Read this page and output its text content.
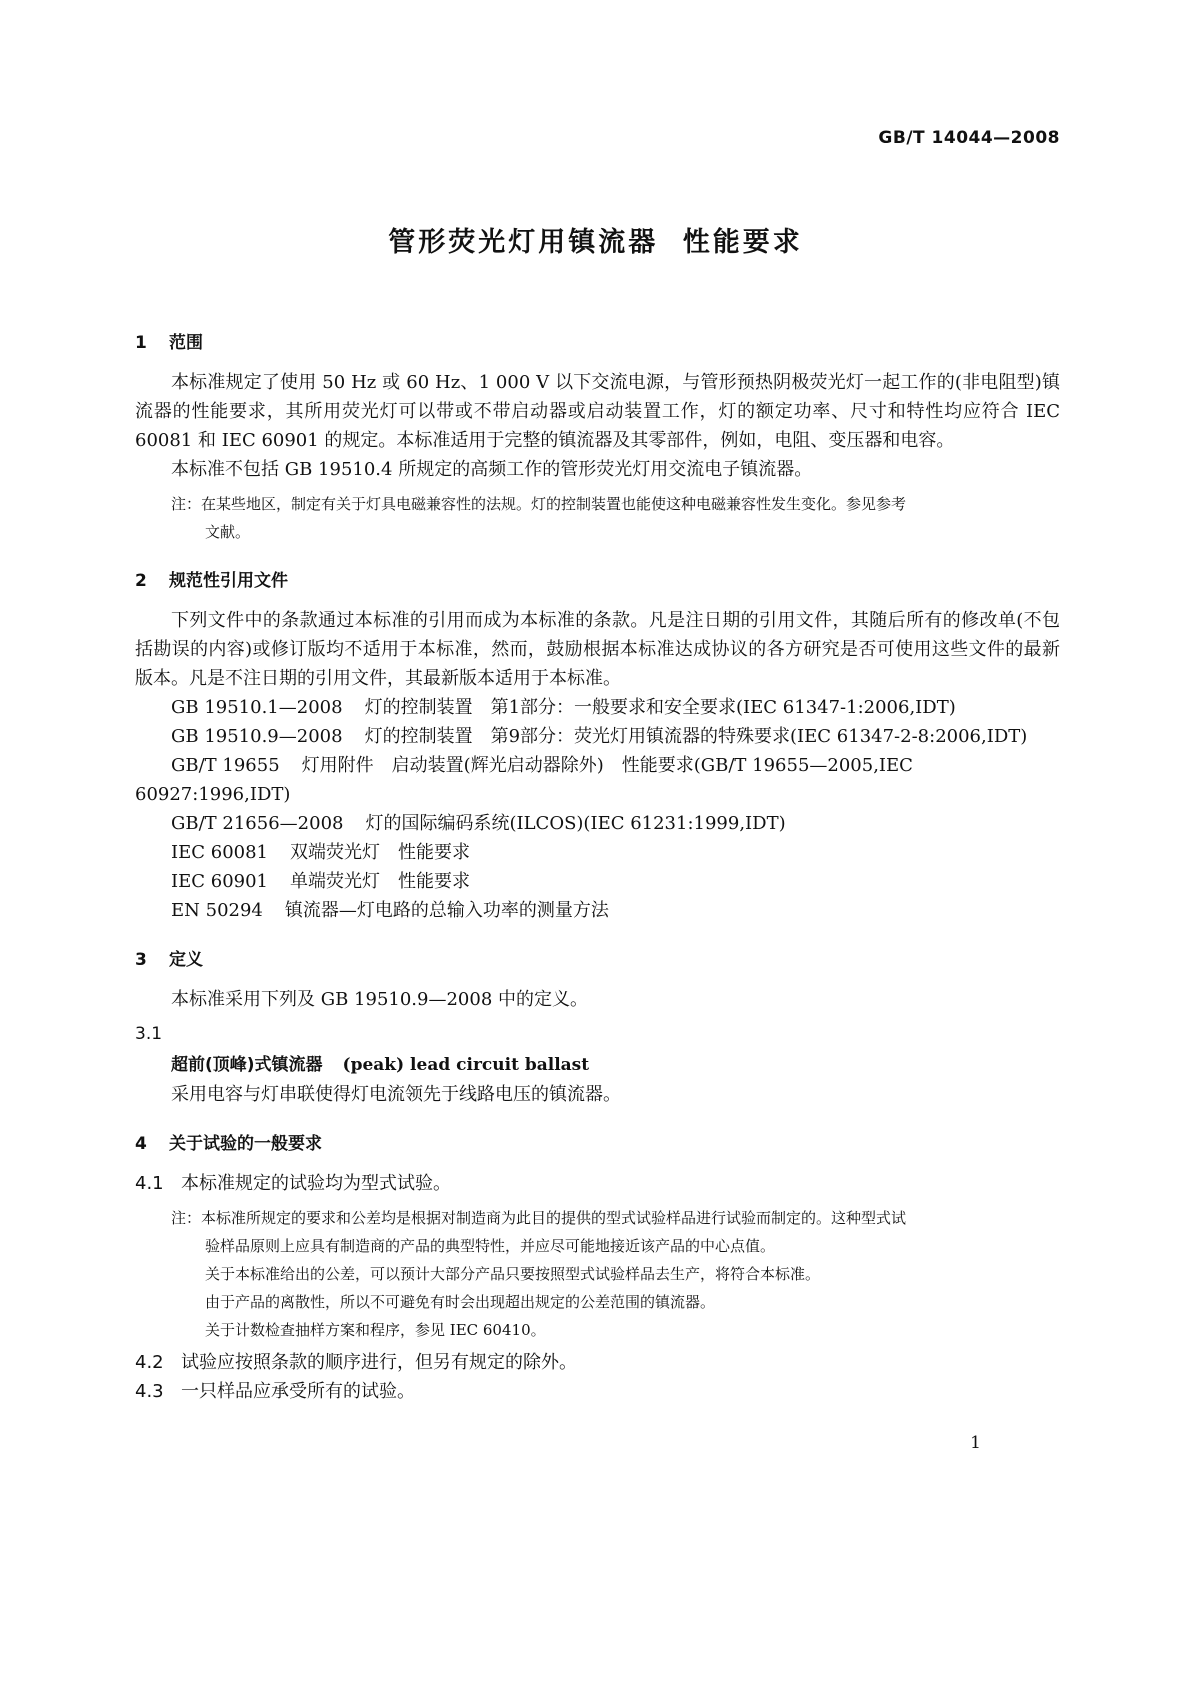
GB/T 14044—2008
管形荧光灯用镇流器 性能要求
1 范围

本标准规定了使用 50 Hz 或 60 Hz、1 000 V 以下交流电源，与管形预热阴极荧光灯一起工作的(非电阻型)镇流器的性能要求，其所用荧光灯可以带或不带启动器或启动装置工作，灯的额定功率、尺寸和特性均应符合 IEC 60081 和 IEC 60901 的规定。本标准适用于完整的镇流器及其零部件，例如，电阻、变压器和电容。

本标准不包括 GB 19510.4 所规定的高频工作的管形荧光灯用交流电子镇流器。

注：在某些地区，制定有关于灯具电磁兼容性的法规。灯的控制装置也能使这种电磁兼容性发生变化。参见参考
文献。
2 规范性引用文件

下列文件中的条款通过本标准的引用而成为本标准的条款。凡是注日期的引用文件，其随后所有的修改单(不包括勘误的内容)或修订版均不适用于本标准，然而，鼓励根据本标准达成协议的各方研究是否可使用这些文件的最新版本。凡是不注日期的引用文件，其最新版本适用于本标准。

GB 19510.1—2008 灯的控制装置　第1部分：一般要求和安全要求(IEC 61347-1:2006,IDT)

GB 19510.9—2008 灯的控制装置　第9部分：荧光灯用镇流器的特殊要求(IEC 61347-2-8:2006,IDT)

GB/T 19655 灯用附件　启动装置(辉光启动器除外)　性能要求(GB/T 19655—2005,IEC 60927:1996,IDT)

GB/T 21656—2008 灯的国际编码系统(ILCOS)(IEC 61231:1999,IDT)

IEC 60081 双端荧光灯　性能要求

IEC 60901 单端荧光灯　性能要求

EN 50294 镇流器—灯电路的总输入功率的测量方法

3 定义

本标准采用下列及 GB 19510.9—2008 中的定义。

3.1
超前(顶峰)式镇流器 (peak) lead circuit ballast

采用电容与灯串联使得灯电流领先于线路电压的镇流器。

4 关于试验的一般要求

4.1 本标准规定的试验均为型式试验。

注：本标准所规定的要求和公差均是根据对制造商为此目的提供的型式试验样品进行试验而制定的。这种型式试
验样品原则上应具有制造商的产品的典型特性，并应尽可能地接近该产品的中心点值。
关于本标准给出的公差，可以预计大部分产品只要按照型式试验样品去生产，将符合本标准。
由于产品的离散性，所以不可避免有时会出现超出规定的公差范围的镇流器。
关于计数检查抽样方案和程序，参见 IEC 60410。

4.2 试验应按照条款的顺序进行，但另有规定的除外。

4.3 一只样品应承受所有的试验。

1
